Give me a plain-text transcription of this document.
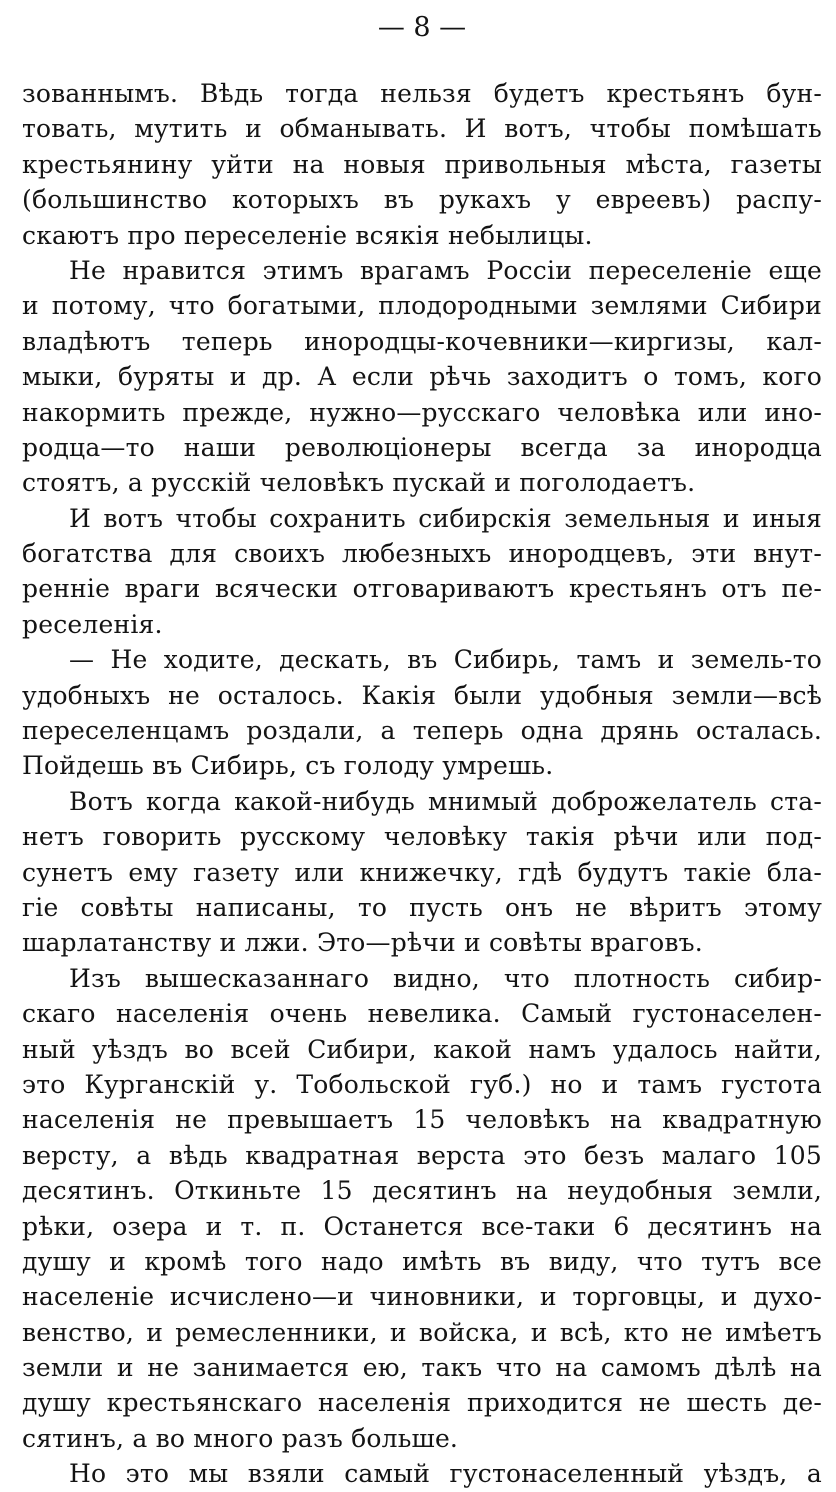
— 8 —
зованнымъ. Вѣдь тогда нельзя будетъ крестьянъ бун-
товать, мутить и обманывать. И вотъ, чтобы помѣшать
крестьянину уйти на новыя привольныя мѣста, газеты
(большинство которыхъ въ рукахъ у евреевъ) распу-
скаютъ про переселеніе всякія небылицы.
Не нравится этимъ врагамъ Россіи переселеніе еще
и потому, что богатыми, плодородными землями Сибири
владѣютъ теперь инородцы-кочевники—киргизы, кал-
мыки, буряты и др. А если рѣчь заходитъ о томъ, кого
накормить прежде, нужно—русскаго человѣка или ино-
родца—то наши революціонеры всегда за инородца
стоятъ, а русскій человѣкъ пускай и поголодаетъ.
И вотъ чтобы сохранить сибирскія земельныя и иныя
богатства для своихъ любезныхъ инородцевъ, эти внут-
ренніе враги всячески отговариваютъ крестьянъ отъ пе-
реселенія.
— Не ходите, дескать, въ Сибирь, тамъ и земель-то
удобныхъ не осталось. Какія были удобныя земли—всѣ
переселенцамъ роздали, а теперь одна дрянь осталась.
Пойдешь въ Сибирь, съ голоду умрешь.
Вотъ когда какой-нибудь мнимый доброжелатель ста-
нетъ говорить русскому человѣку такія рѣчи или под-
сунетъ ему газету или книжечку, гдѣ будутъ такіе бла-
гіе совѣты написаны, то пусть онъ не вѣритъ этому
шарлатанству и лжи. Это—рѣчи и совѣты враговъ.
Изъ вышесказаннаго видно, что плотность сибир-
скаго населенія очень невелика. Самый густонаселен-
ный уѣздъ во всей Сибири, какой намъ удалось найти,
это Курганскій у. Тобольской губ.) но и тамъ густота
населенія не превышаетъ 15 человѣкъ на квадратную
версту, а вѣдь квадратная верста это безъ малаго 105
десятинъ. Откиньте 15 десятинъ на неудобныя земли,
рѣки, озера и т. п. Останется все-таки 6 десятинъ на
душу и кромѣ того надо имѣть въ виду, что тутъ все
населеніе исчислено—и чиновники, и торговцы, и духо-
венство, и ремесленники, и войска, и всѣ, кто не имѣетъ
земли и не занимается ею, такъ что на самомъ дѣлѣ на
душу крестьянскаго населенія приходится не шесть де-
сятинъ, а во много разъ больше.
Но это мы взяли самый густонаселенный уѣздъ, а
